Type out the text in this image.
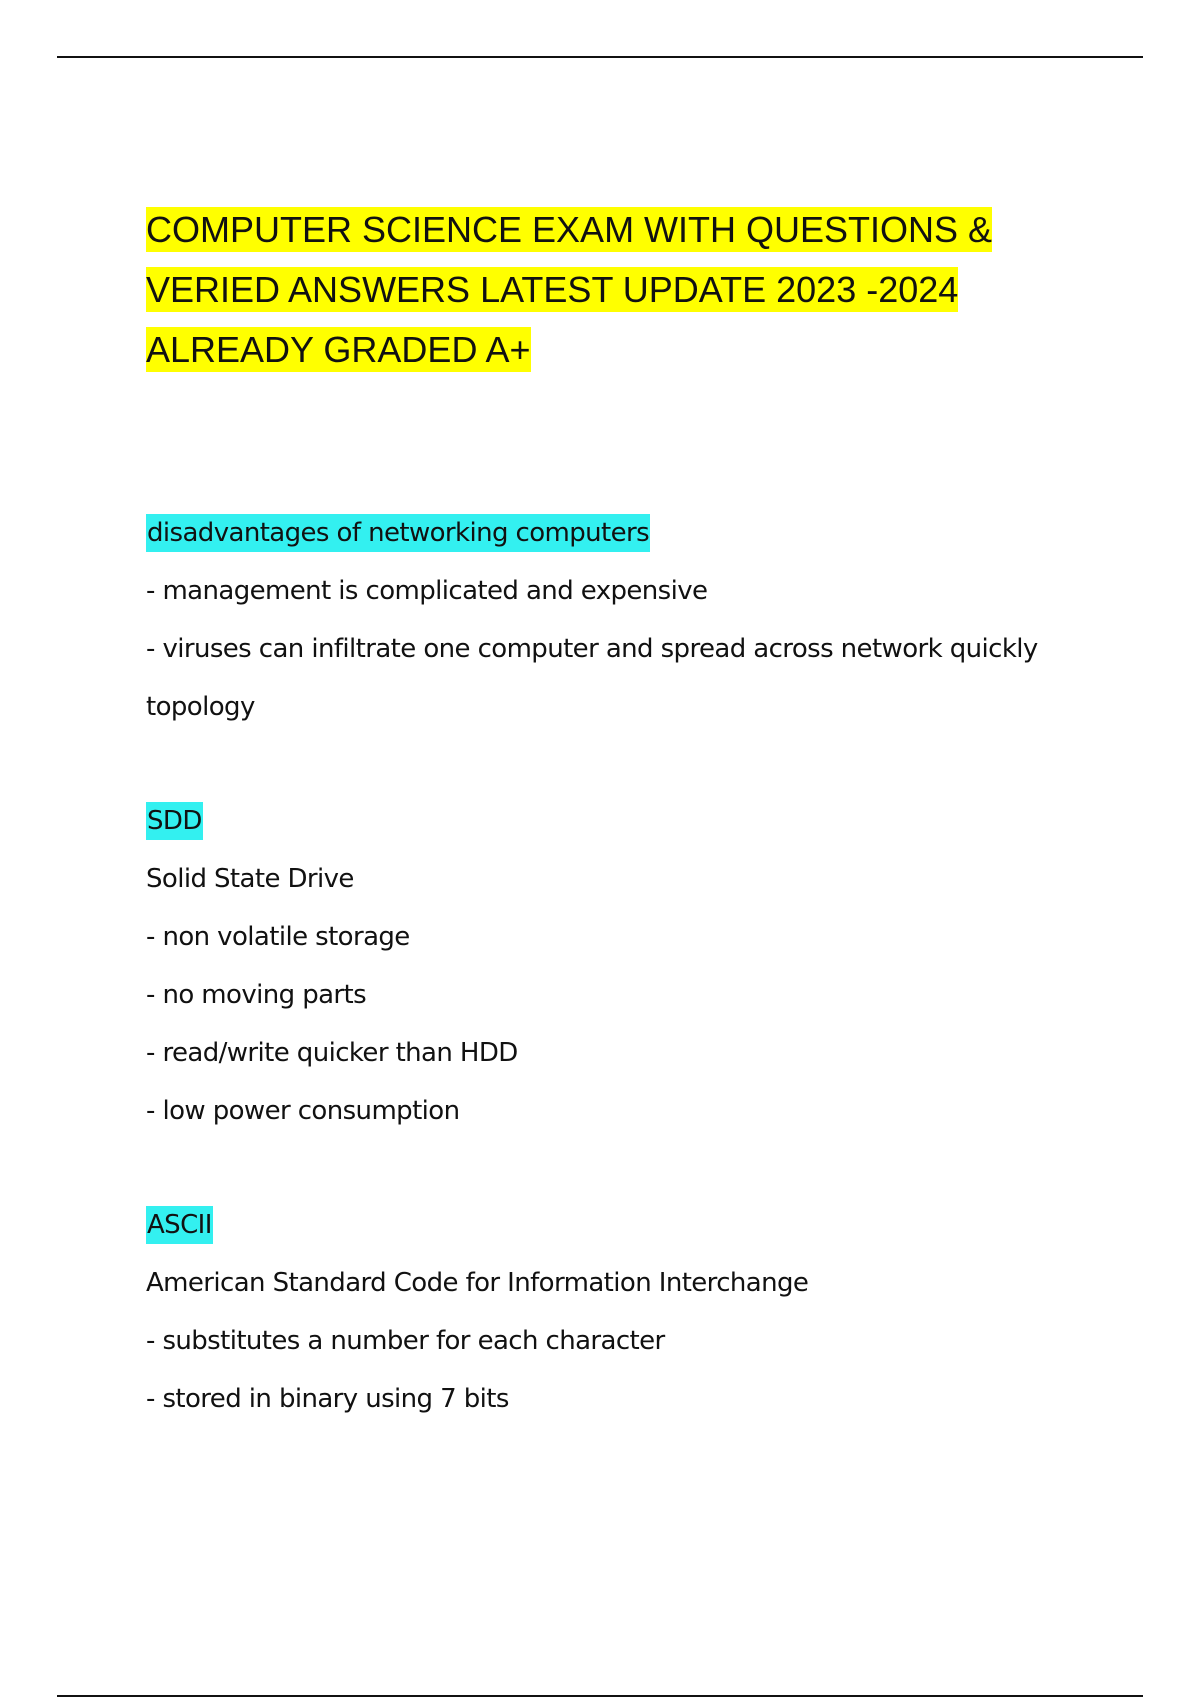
COMPUTER SCIENCE EXAM WITH QUESTIONS &
VERIED ANSWERS LATEST UPDATE 2023 -2024
ALREADY GRADED A+
disadvantages of networking computers
- management is complicated and expensive
- viruses can infiltrate one computer and spread across network quickly
topology
SDD
Solid State Drive
- non volatile storage
- no moving parts
- read/write quicker than HDD
- low power consumption
ASCII
American Standard Code for Information Interchange
- substitutes a number for each character
- stored in binary using 7 bits
